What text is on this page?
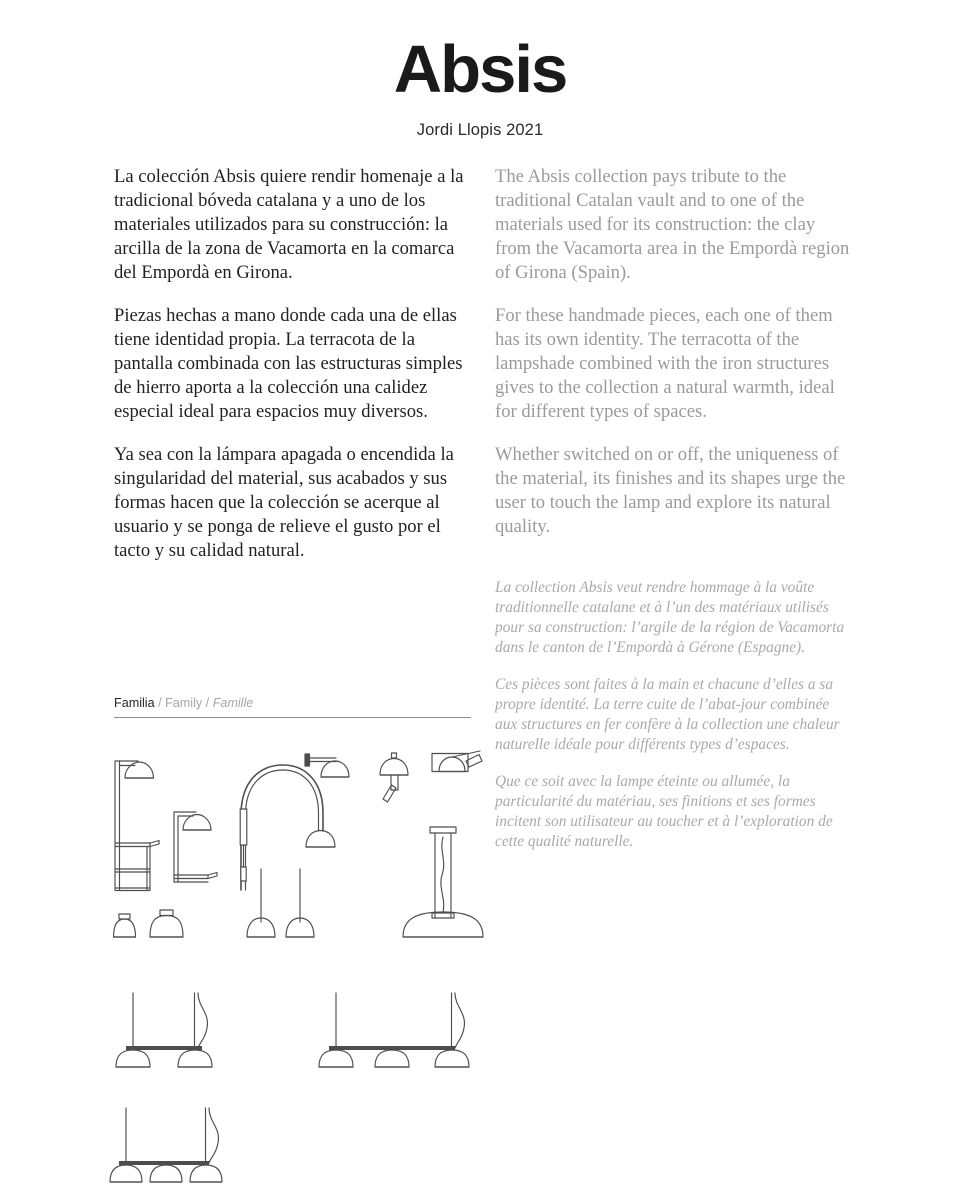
Absis
Jordi Llopis 2021

La colección Absis quiere rendir homenaje a la tradicional bóveda catalana y a uno de los materiales utilizados para su construcción: la arcilla de la zona de Vacamorta en la comarca del Empordà en Girona.

Piezas hechas a mano donde cada una de ellas tiene identidad propia. La terracota de la pantalla combinada con las estructuras simples de hierro aporta a la colección una calidez especial ideal para espacios muy diversos.

Ya sea con la lámpara apagada o encendida la singularidad del material, sus acabados y sus formas hacen que la colección se acerque al usuario y se ponga de relieve el gusto por el tacto y su calidad natural.

The Absis collection pays tribute to the traditional Catalan vault and to one of the materials used for its construction: the clay from the Vacamorta area in the Empordà region of Girona (Spain).

For these handmade pieces, each one of them has its own identity. The terracotta of the lampshade combined with the iron structures gives to the collection a natural warmth, ideal for different types of spaces.

Whether switched on or off, the uniqueness of the material, its finishes and its shapes urge the user to touch the lamp and explore its natural quality.

La collection Absis veut rendre hommage à la voûte traditionnelle catalane et à l’un des matériaux utilisés pour sa construction: l’argile de la région de Vacamorta dans le canton de l’Empordà à Gérone (Espagne).

Ces pièces sont faites à la main et chacune d’elles a sa propre identité. La terre cuite de l’abat-jour combinée aux structures en fer confère à la collection une chaleur naturelle idéale pour différents types d’espaces.

Que ce soit avec la lampe éteinte ou allumée, la particularité du matériau, ses finitions et ses formes incitent son utilisateur au toucher et à l’exploration de cette qualité naturelle.

Familia / Family / Famille
